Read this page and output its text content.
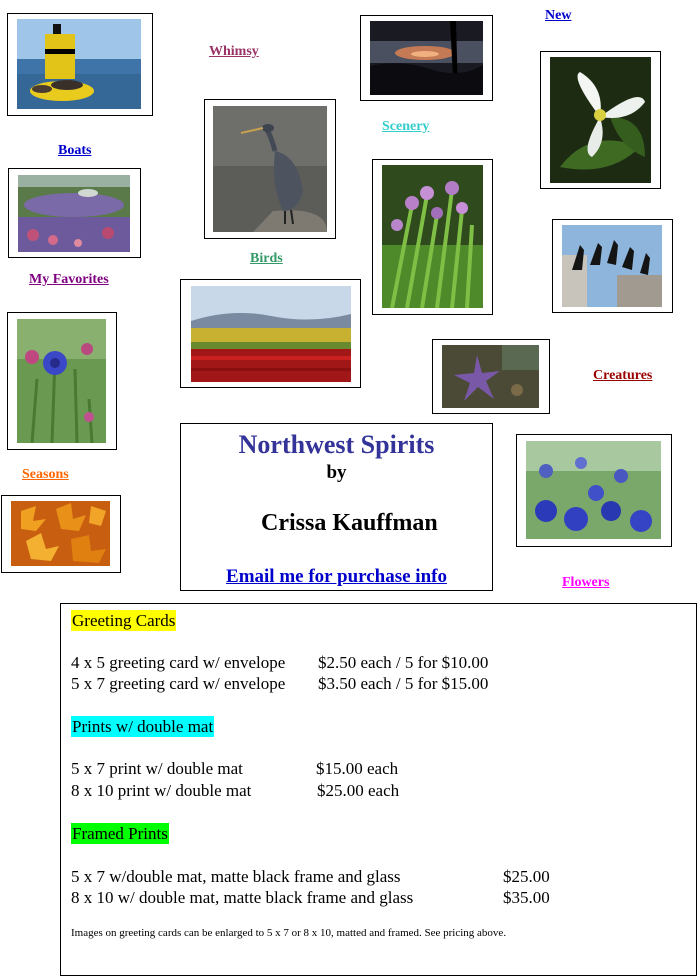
New
Whimsy
Scenery
Boats
Birds
My Favorites
Creatures
Seasons
Flowers
Northwest Spirits
by
Crissa Kauffman
Email me for purchase info
Greeting Cards
4 x 5 greeting card w/ envelope $2.50 each / 5 for $10.00
5 x 7 greeting card w/ envelope $3.50 each / 5 for $15.00
Prints w/ double mat
5 x 7 print w/ double mat	$15.00 each
8 x 10 print w/ double mat	$25.00 each
Framed Prints
5 x 7 w/double mat, matte black frame and glass	$25.00
8 x 10 w/ double mat, matte black frame and glass	$35.00
Images on greeting cards can be enlarged to 5 x 7 or 8 x 10, matted and framed. See pricing above.
